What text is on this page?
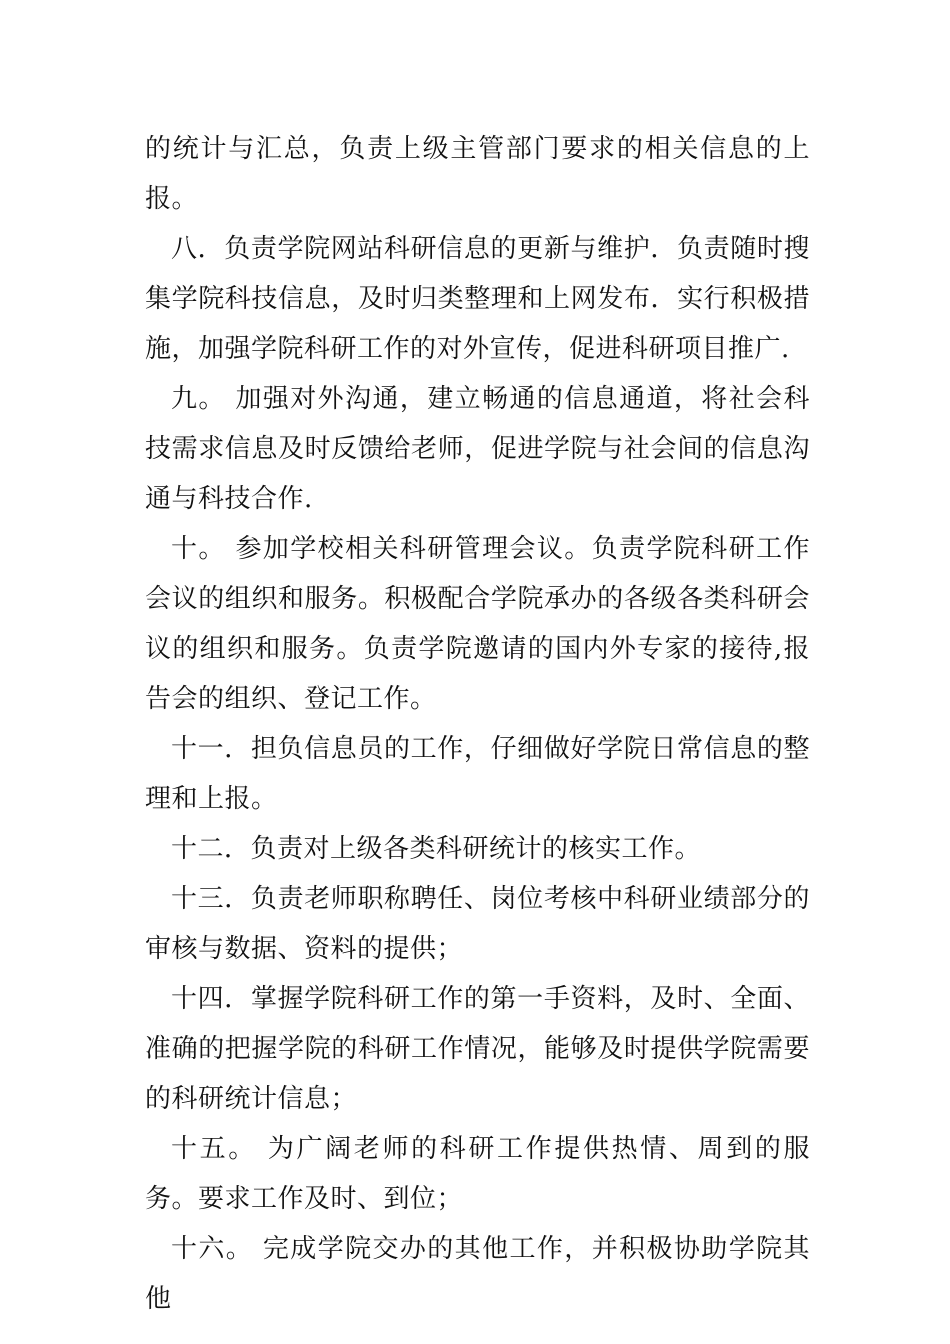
的统计与汇总，负责上级主管部门要求的相关信息的上报。

八．负责学院网站科研信息的更新与维护．负责随时搜集学院科技信息，及时归类整理和上网发布．实行积极措施，加强学院科研工作的对外宣传，促进科研项目推广.

九。 加强对外沟通，建立畅通的信息通道，将社会科技需求信息及时反馈给老师，促进学院与社会间的信息沟通与科技合作.

十。 参加学校相关科研管理会议。负责学院科研工作会议的组织和服务。积极配合学院承办的各级各类科研会议的组织和服务。负责学院邀请的国内外专家的接待,报告会的组织、登记工作。

十一．担负信息员的工作，仔细做好学院日常信息的整理和上报。

十二．负责对上级各类科研统计的核实工作。

十三．负责老师职称聘任、岗位考核中科研业绩部分的审核与数据、资料的提供；

十四．掌握学院科研工作的第一手资料，及时、全面、准确的把握学院的科研工作情况，能够及时提供学院需要的科研统计信息；

十五。 为广阔老师的科研工作提供热情、周到的服务。要求工作及时、到位；

十六。 完成学院交办的其他工作，并积极协助学院其他
